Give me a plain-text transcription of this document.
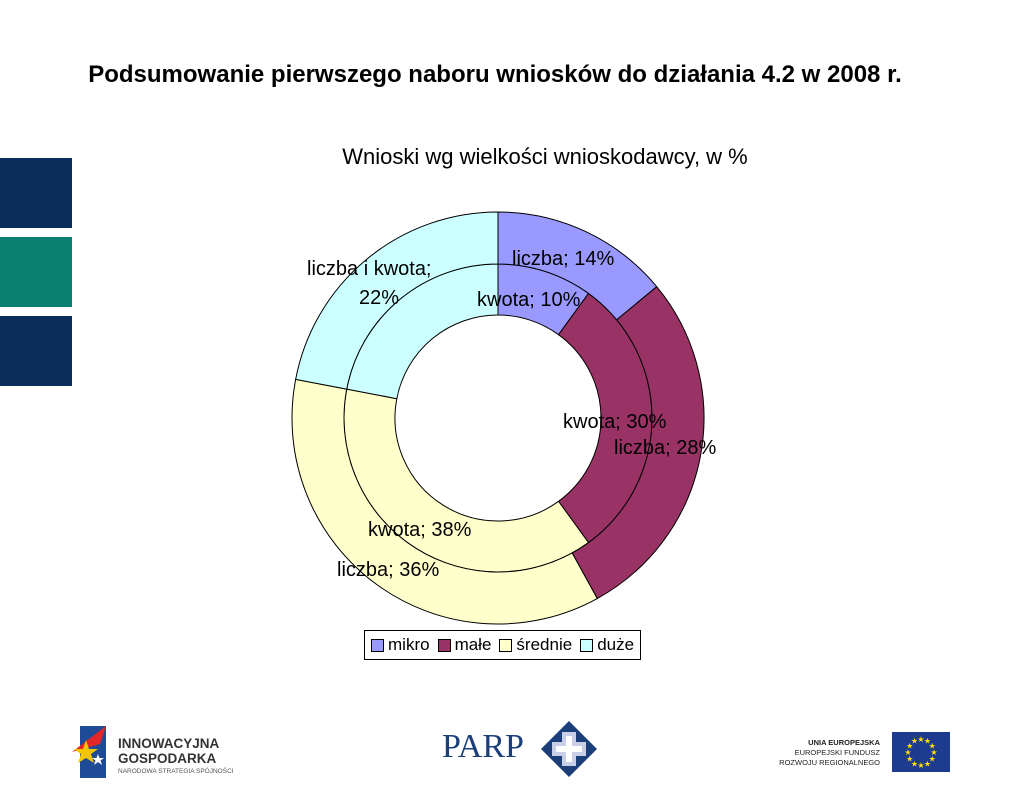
Podsumowanie pierwszego naboru wniosków do działania 4.2 w 2008 r.
Wnioski wg wielkości wnioskodawcy, w %
liczba; 14%
kwota; 10%
kwota; 30%
liczba; 28%
kwota; 38%
liczba; 36%
liczba i kwota;
22%
mikro małe średnie duże
INNOWACYJNA
GOSPODARKA
NARODOWA STRATEGIA SPÓJNOŚCI
PARP	UNIA EUROPEJSKA
EUROPEJSKI FUNDUSZ
ROZWOJU REGIONALNEGO
★
★
★
★
★
★
★
★
★ ★ ★
★
